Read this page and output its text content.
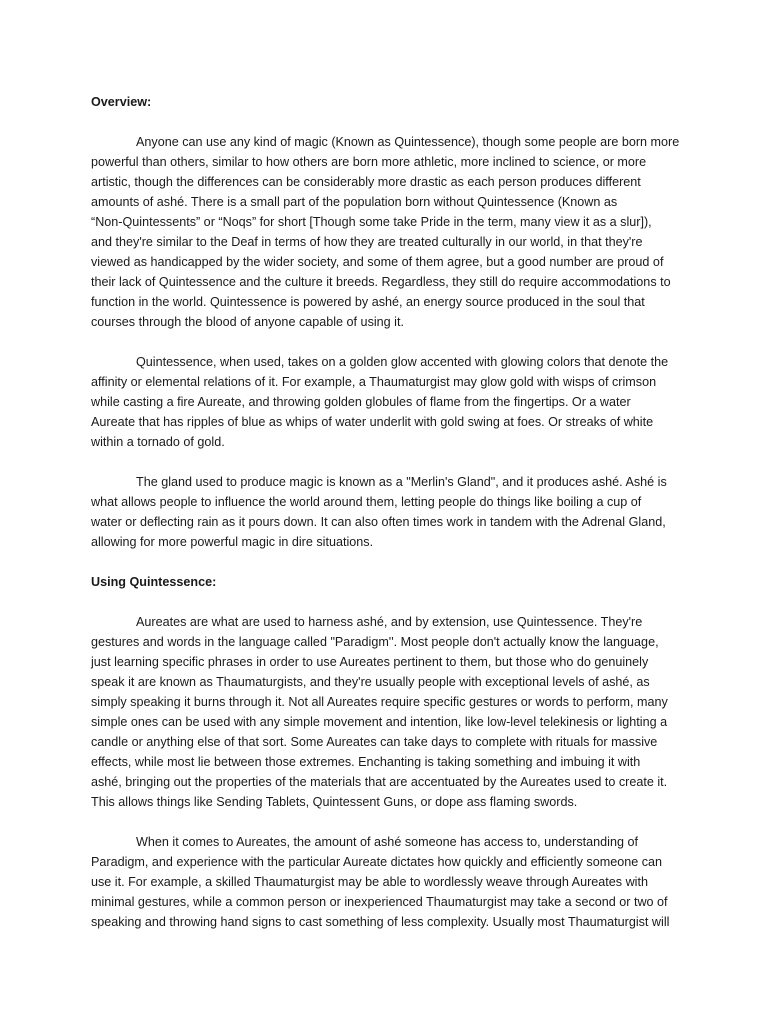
Overview:
Anyone can use any kind of magic (Known as Quintessence), though some people are born more
powerful than others, similar to how others are born more athletic, more inclined to science, or more
artistic, though the differences can be considerably more drastic as each person produces different
amounts of ashé. There is a small part of the population born without Quintessence (Known as
“Non-Quintessents” or “Noqs” for short [Though some take Pride in the term, many view it as a slur]),
and they're similar to the Deaf in terms of how they are treated culturally in our world, in that they're
viewed as handicapped by the wider society, and some of them agree, but a good number are proud of
their lack of Quintessence and the culture it breeds. Regardless, they still do require accommodations to
function in the world. Quintessence is powered by ashé, an energy source produced in the soul that
courses through the blood of anyone capable of using it.
Quintessence, when used, takes on a golden glow accented with glowing colors that denote the
affinity or elemental relations of it. For example, a Thaumaturgist may glow gold with wisps of crimson
while casting a fire Aureate, and throwing golden globules of flame from the fingertips. Or a water
Aureate that has ripples of blue as whips of water underlit with gold swing at foes. Or streaks of white
within a tornado of gold.
The gland used to produce magic is known as a "Merlin's Gland", and it produces ashé. Ashé is
what allows people to influence the world around them, letting people do things like boiling a cup of
water or deflecting rain as it pours down. It can also often times work in tandem with the Adrenal Gland,
allowing for more powerful magic in dire situations.
Using Quintessence:
Aureates are what are used to harness ashé, and by extension, use Quintessence. They're
gestures and words in the language called "Paradigm''. Most people don't actually know the language,
just learning specific phrases in order to use Aureates pertinent to them, but those who do genuinely
speak it are known as Thaumaturgists, and they're usually people with exceptional levels of ashé, as
simply speaking it burns through it. Not all Aureates require specific gestures or words to perform, many
simple ones can be used with any simple movement and intention, like low-level telekinesis or lighting a
candle or anything else of that sort. Some Aureates can take days to complete with rituals for massive
effects, while most lie between those extremes. Enchanting is taking something and imbuing it with
ashé, bringing out the properties of the materials that are accentuated by the Aureates used to create it.
This allows things like Sending Tablets, Quintessent Guns, or dope ass flaming swords.
When it comes to Aureates, the amount of ashé someone has access to, understanding of
Paradigm, and experience with the particular Aureate dictates how quickly and efficiently someone can
use it. For example, a skilled Thaumaturgist may be able to wordlessly weave through Aureates with
minimal gestures, while a common person or inexperienced Thaumaturgist may take a second or two of
speaking and throwing hand signs to cast something of less complexity. Usually most Thaumaturgist will
